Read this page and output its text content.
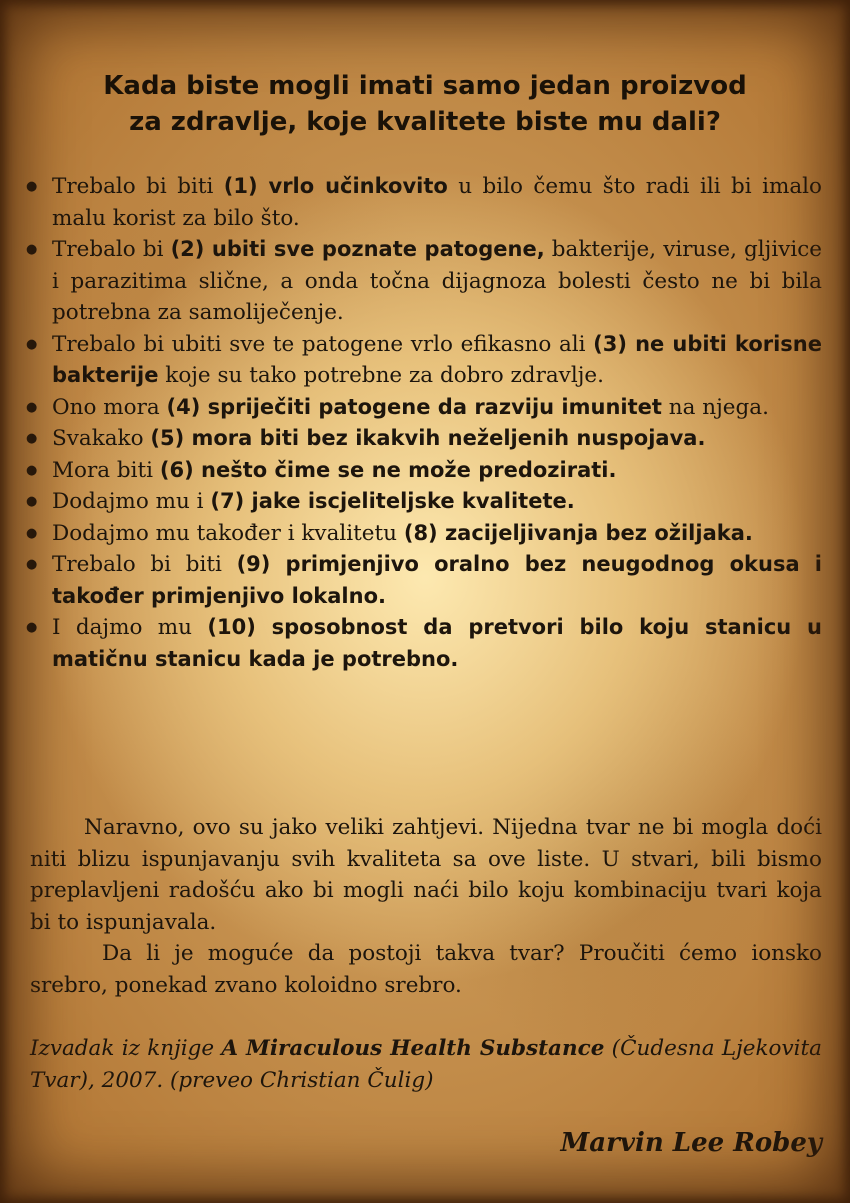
Kada biste mogli imati samo jedan proizvod
za zdravlje, koje kvalitete biste mu dali?
● Trebalo bi biti (1) vrlo učinkovito u bilo čemu što radi ili bi imalo malu korist za bilo što.
● Trebalo bi (2) ubiti sve poznate patogene, bakterije, viruse, gljivice i parazitima slične, a onda točna dijagnoza bolesti često ne bi bila potrebna za samoliječenje.
● Trebalo bi ubiti sve te patogene vrlo efikasno ali (3) ne ubiti korisne bakterije koje su tako potrebne za dobro zdravlje.
● Ono mora (4) spriječiti patogene da razviju imunitet na njega.
● Svakako (5) mora biti bez ikakvih neželjenih nuspojava.
● Mora biti (6) nešto čime se ne može predozirati.
● Dodajmo mu i (7) jake iscjeliteljske kvalitete.
● Dodajmo mu također i kvalitetu (8) zacijeljivanja bez ožiljaka.
● Trebalo bi biti (9) primjenjivo oralno bez neugodnog okusa i također primjenjivo lokalno.
● I dajmo mu (10) sposobnost da pretvori bilo koju stanicu u matičnu stanicu kada je potrebno.

Naravno, ovo su jako veliki zahtjevi. Nijedna tvar ne bi mogla doći niti blizu ispunjavanju svih kvaliteta sa ove liste. U stvari, bili bismo preplavljeni radošću ako bi mogli naći bilo koju kombinaciju tvari koja bi to ispunjavala.

Da li je moguće da postoji takva tvar? Proučiti ćemo ionsko srebro, ponekad zvano koloidno srebro.

Izvadak iz knjige A Miraculous Health Substance (Čudesna Ljekovita Tvar), 2007. (preveo Christian Čulig)

Marvin Lee Robey
